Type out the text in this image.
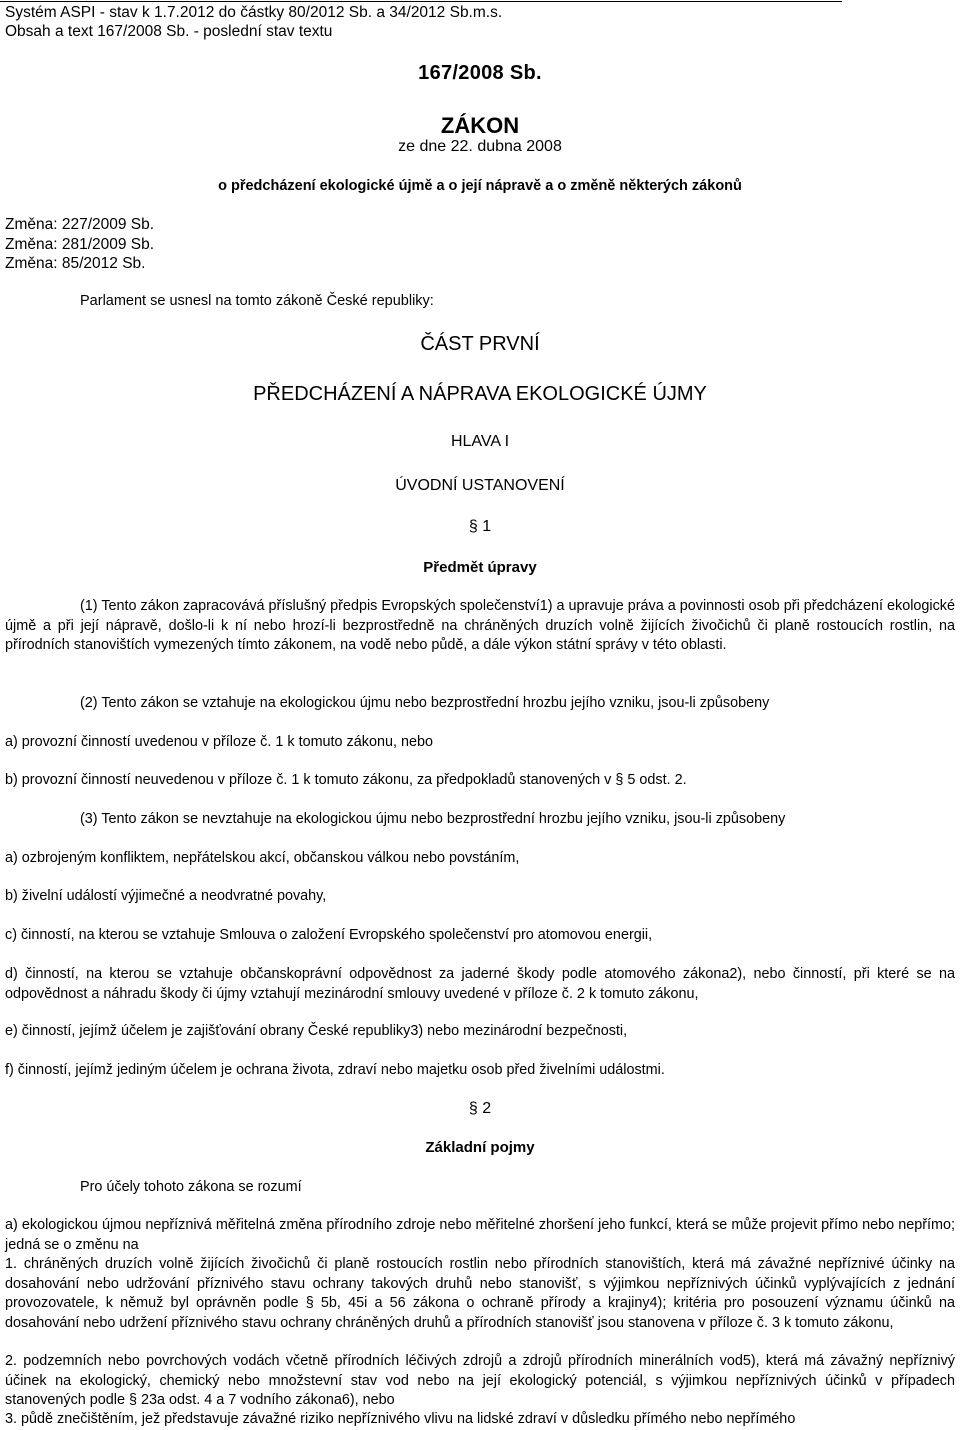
Systém ASPI - stav k 1.7.2012 do částky 80/2012 Sb. a 34/2012 Sb.m.s.
Obsah a text 167/2008 Sb. - poslední stav textu
167/2008 Sb.
ZÁKON
ze dne 22. dubna 2008
o předcházení ekologické újmě a o její nápravě a o změně některých zákonů
Změna: 227/2009 Sb.
Změna: 281/2009 Sb.
Změna: 85/2012 Sb.
Parlament se usnesl na tomto zákoně České republiky:
ČÁST PRVNÍ
PŘEDCHÁZENÍ A NÁPRAVA EKOLOGICKÉ ÚJMY
HLAVA I
ÚVODNÍ USTANOVENÍ
§ 1
Předmět úpravy
(1) Tento zákon zapracovává příslušný předpis Evropských společenství1) a upravuje práva a povinnosti osob při předcházení ekologické újmě a při její nápravě, došlo-li k ní nebo hrozí-li bezprostředně na chráněných druzích volně žijících živočichů či planě rostoucích rostlin, na přírodních stanovištích vymezených tímto zákonem, na vodě nebo půdě, a dále výkon státní správy v této oblasti.
(2) Tento zákon se vztahuje na ekologickou újmu nebo bezprostřední hrozbu jejího vzniku, jsou-li způsobeny
a) provozní činností uvedenou v příloze č. 1 k tomuto zákonu, nebo
b) provozní činností neuvedenou v příloze č. 1 k tomuto zákonu, za předpokladů stanovených v § 5 odst. 2.
(3) Tento zákon se nevztahuje na ekologickou újmu nebo bezprostřední hrozbu jejího vzniku, jsou-li způsobeny
a) ozbrojeným konfliktem, nepřátelskou akcí, občanskou válkou nebo povstáním,
b) živelní událostí výjimečné a neodvratné povahy,
c) činností, na kterou se vztahuje Smlouva o založení Evropského společenství pro atomovou energii,
d) činností, na kterou se vztahuje občanskoprávní odpovědnost za jaderné škody podle atomového zákona2), nebo činností, při které se na odpovědnost a náhradu škody či újmy vztahují mezinárodní smlouvy uvedené v příloze č. 2 k tomuto zákonu,
e) činností, jejímž účelem je zajišťování obrany České republiky3) nebo mezinárodní bezpečnosti,
f) činností, jejímž jediným účelem je ochrana života, zdraví nebo majetku osob před živelními událostmi.
§ 2
Základní pojmy
Pro účely tohoto zákona se rozumí
a) ekologickou újmou nepříznivá měřitelná změna přírodního zdroje nebo měřitelné zhoršení jeho funkcí, která se může projevit přímo nebo nepřímo; jedná se o změnu na
1. chráněných druzích volně žijících živočichů či planě rostoucích rostlin nebo přírodních stanovištích, která má závažné nepříznivé účinky na dosahování nebo udržování příznivého stavu ochrany takových druhů nebo stanovišť, s výjimkou nepříznivých účinků vyplývajících z jednání provozovatele, k němuž byl oprávněn podle § 5b, 45i a 56 zákona o ochraně přírody a krajiny4); kritéria pro posouzení významu účinků na dosahování nebo udržení příznivého stavu ochrany chráněných druhů a přírodních stanovišť jsou stanovena v příloze č. 3 k tomuto zákonu,
2. podzemních nebo povrchových vodách včetně přírodních léčivých zdrojů a zdrojů přírodních minerálních vod5), která má závažný nepříznivý účinek na ekologický, chemický nebo množstevní stav vod nebo na její ekologický potenciál, s výjimkou nepříznivých účinků v případech stanovených podle § 23a odst. 4 a 7 vodního zákona6), nebo
3. půdě znečištěním, jež představuje závažné riziko nepříznivého vlivu na lidské zdraví v důsledku přímého nebo nepřímého
